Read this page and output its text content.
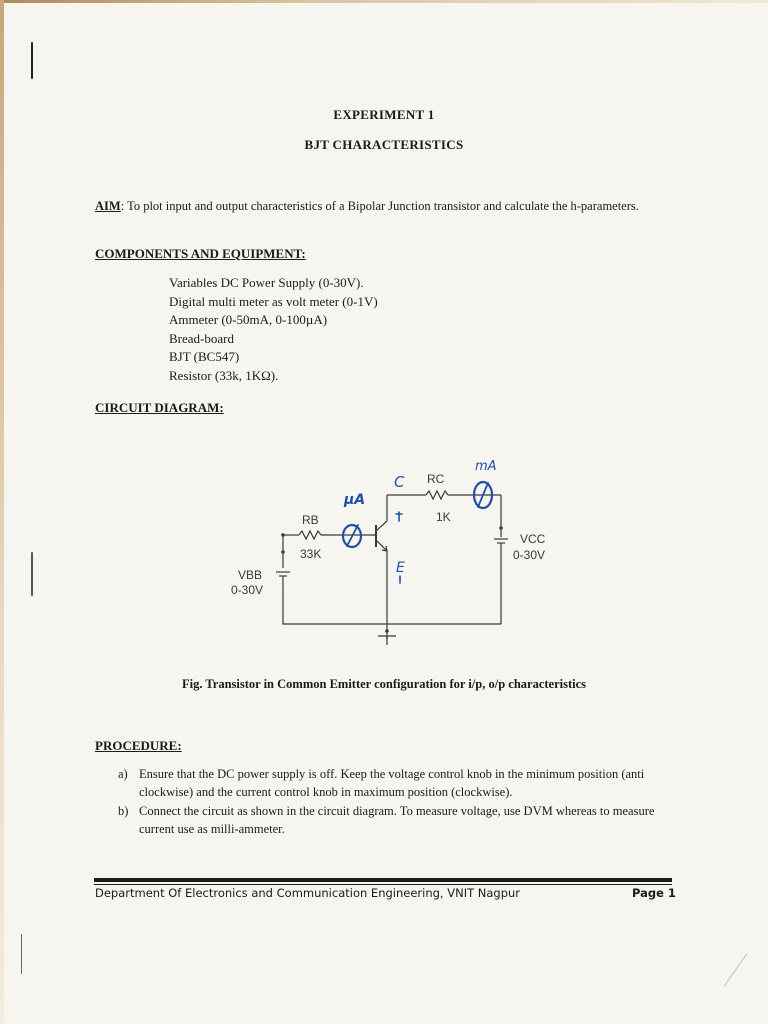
EXPERIMENT 1
BJT CHARACTERISTICS
AIM: To plot input and output characteristics of a Bipolar Junction transistor and calculate the h-parameters.
COMPONENTS AND EQUIPMENT:
Variables DC Power Supply (0-30V).
Digital multi meter as volt meter (0-1V)
Ammeter (0-50mA, 0-100µA)
Bread-board
BJT (BC547)
Resistor (33k, 1KΩ).
CIRCUIT DIAGRAM:
RB
33K
RC
1K
VBB
0-30V
VCC
0-30V
µA
mA
C
E
Fig. Transistor in Common Emitter configuration for i/p, o/p characteristics
PROCEDURE:
a) Ensure that the DC power supply is off. Keep the voltage control knob in the minimum position (anti clockwise) and the current control knob in maximum position (clockwise).
b) Connect the circuit as shown in the circuit diagram. To measure voltage, use DVM whereas to measure current use as milli-ammeter.
Department Of Electronics and Communication Engineering, VNIT Nagpur	Page 1
